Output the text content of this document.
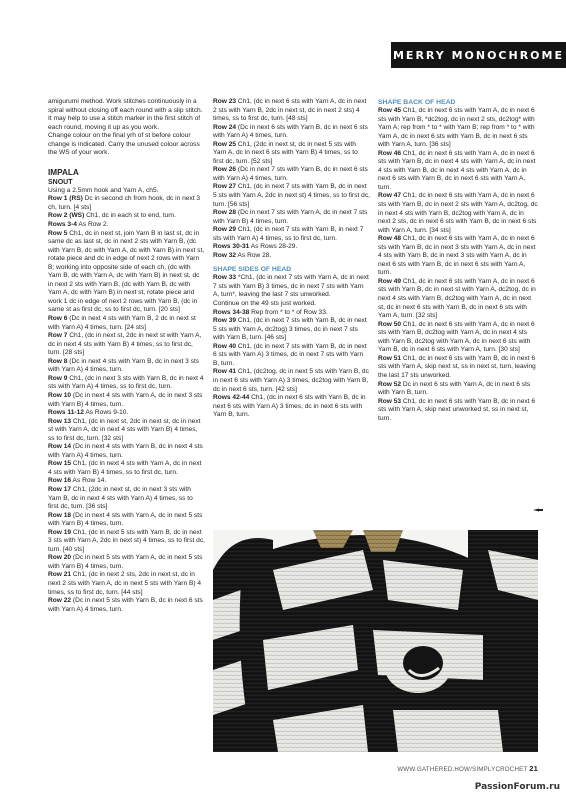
MERRY MONOCHROME

amigurumi method. Work stitches continuously in a spiral without closing off each round with a slip stitch. It may help to use a stitch marker in the first stitch of each round, moving it up as you work.

Change colour on the final yrh of st before colour change is indicated. Carry the unused colour across the WS of your work.

IMPALA
SNOUT

Using a 2.5mm hook and Yarn A, ch5.

Row 1 (RS) Dc in second ch from hook, dc in next 3 ch, turn. [4 sts]

Row 2 (WS) Ch1, dc in each st to end, turn.

Rows 3-4 As Row 2.

Row 5 Ch1, dc in next st, join Yarn B in last st, dc in same dc as last st, dc in next 2 sts with Yarn B, (dc with Yarn B, dc with Yarn A, dc with Yarn B) in next st, rotate piece and dc in edge of next 2 rows with Yarn B; working into opposite side of each ch, (dc with Yarn B, dc with Yarn A, dc with Yarn B) in next st, dc in next 2 sts with Yarn B, (dc with Yarn B, dc with Yarn A, dc with Yarn B) in next st, rotate piece and work 1 dc in edge of next 2 rows with Yarn B, (dc in same st as first dc, ss to first dc, turn. [20 sts]

Row 6 (Dc in next 4 sts with Yarn B, 2 dc in next st with Yarn A) 4 times, turn. [24 sts]

Row 7 Ch1, (dc in next st, 2dc in next st with Yarn A, dc in next 4 sts with Yarn B) 4 times, ss to first dc, turn. [28 sts]

Row 8 (Dc in next 4 sts with Yarn B, dc in next 3 sts with Yarn A) 4 times, turn.

Row 9 Ch1, (dc in next 3 sts with Yarn B, dc in next 4 sts with Yarn A) 4 times, ss to first dc, turn.

Row 10 (Dc in next 4 sts with Yarn A, dc in next 3 sts with Yarn B) 4 times, turn.

Rows 11-12 As Rows 9-10.

Row 13 Ch1, (dc in next st, 2dc in next st, dc in next st with Yarn A, dc in next 4 sts with Yarn B) 4 times, ss to first dc, turn. [32 sts]

Row 14 (Dc in next 4 sts with Yarn B, dc in next 4 sts with Yarn A) 4 times, turn.

Row 15 Ch1, (dc in next 4 sts with Yarn A, dc in next 4 sts with Yarn B) 4 times, ss to first dc, turn.

Row 16 As Row 14.

Row 17 Ch1, (2dc in next st, dc in next 3 sts with Yarn B, dc in next 4 sts with Yarn A) 4 times, ss to first dc, turn. [36 sts]

Row 18 (Dc in next 4 sts with Yarn A, dc in next 5 sts with Yarn B) 4 times, turn.

Row 19 Ch1, (dc in next 5 sts with Yarn B, dc in next 3 sts with Yarn A, 2dc in next st) 4 times, ss to first dc, turn. [40 sts]

Row 20 (Dc in next 5 sts with Yarn A, dc in next 5 sts with Yarn B) 4 times, turn.

Row 21 Ch1, (dc in next 2 sts, 2dc in next st, dc in next 2 sts with Yarn A, dc in next 5 sts with Yarn B) 4 times, ss to first dc, turn. [44 sts]

Row 22 (Dc in next 5 sts with Yarn B, dc in next 6 sts with Yarn A) 4 times, turn.

Row 23 Ch1, (dc in next 6 sts with Yarn A, dc in next 2 sts with Yarn B, 2dc in next st, dc in next 2 sts) 4 times, ss to first dc, turn. [48 sts]

Row 24 (Dc in next 6 sts with Yarn B, dc in next 6 sts with Yarn A) 4 times, turn.

Row 25 Ch1, (2dc in next st, dc in next 5 sts with Yarn A, dc in next 6 sts with Yarn B) 4 times, ss to first dc, turn. [52 sts]

Row 26 (Dc in next 7 sts with Yarn B, dc in next 6 sts with Yarn A) 4 times, turn.

Row 27 Ch1, (dc in next 7 sts with Yarn B, dc in next 5 sts with Yarn A, 2dc in next st) 4 times, ss to first dc, turn. [56 sts]

Row 28 (Dc in next 7 sts with Yarn A, dc in next 7 sts with Yarn B) 4 times, turn.

Row 29 Ch1, (dc in next 7 sts with Yarn B, in next 7 sts with Yarn A) 4 times, ss to first dc, turn.

Rows 30-31 As Rows 28-29.

Row 32 As Row 28.

SHAPE SIDES OF HEAD

Row 33 *Ch1, (dc in next 7 sts with Yarn A, dc in next 7 sts with Yarn B) 3 times, dc in next 7 sts with Yarn A, turn*, leaving the last 7 sts unworked.

Continue on the 49 sts just worked.

Rows 34-38 Rep from * to * of Row 33.

Row 39 Ch1, (dc in next 7 sts with Yarn B, dc in next 5 sts with Yarn A, dc2tog) 3 times, dc in next 7 sts with Yarn B, turn. [46 sts]

Row 40 Ch1, (dc in next 7 sts with Yarn B, dc in next 6 sts with Yarn A) 3 times, dc in next 7 sts with Yarn B, turn.

Row 41 Ch1, (dc2tog, dc in next 5 sts with Yarn B, dc in next 6 sts with Yarn A) 3 times, dc2tog with Yarn B, dc in next 6 sts, turn. [42 sts]

Rows 42-44 Ch1, (dc in next 6 sts with Yarn B, dc in next 6 sts with Yarn A) 3 times, dc in next 6 sts with Yarn B, turn.

SHAPE BACK OF HEAD

Row 45 Ch1, dc in next 6 sts with Yarn A, dc in next 6 sts with Yarn B, *dc2tog, dc in next 2 sts, dc2tog* with Yarn A; rep from * to * with Yarn B; rep from * to * with Yarn A, dc in next 6 sts with Yarn B, dc in next 6 sts with Yarn A, turn. [36 sts]

Row 46 Ch1, dc in next 6 sts with Yarn A, dc in next 6 sts with Yarn B, dc in next 4 sts with Yarn A, dc in next 4 sts with Yarn B, dc in next 4 sts with Yarn A, dc in next 6 sts with Yarn B, dc in next 6 sts with Yarn A, turn.

Row 47 Ch1, dc in next 6 sts with Yarn A, dc in next 6 sts with Yarn B, dc in next 2 sts with Yarn A, dc2tog, dc in next 4 sts with Yarn B, dc2tog with Yarn A, dc in next 2 sts, dc in next 6 sts with Yarn B, dc in next 6 sts with Yarn A, turn. [34 sts]

Row 48 Ch1, dc in next 6 sts with Yarn A, dc in next 6 sts with Yarn B, dc in next 3 sts with Yarn A, dc in next 4 sts with Yarn B, dc in next 3 sts with Yarn A, dc in next 6 sts with Yarn B, dc in next 6 sts with Yarn A, turn.

Row 49 Ch1, dc in next 6 sts with Yarn A, dc in next 6 sts with Yarn B, dc in next st with Yarn A, dc2tog, dc in next 4 sts with Yarn B, dc2tog with Yarn A, dc in next st, dc in next 6 sts with Yarn B, dc in next 6 sts with Yarn A, turn. [32 sts]

Row 50 Ch1, dc in next 6 sts with Yarn A, dc in next 6 sts with Yarn B, dc2tog with Yarn A, dc in next 4 sts with Yarn B, dc2tog with Yarn A, dc in next 6 sts with Yarn B, dc in next 6 sts with Yarn A, turn. [30 sts]

Row 51 Ch1, dc in next 6 sts with Yarn B, dc in next 6 sts with Yarn A, skip next st, ss in next st, turn, leaving the last 17 sts unworked.

Row 52 Dc in next 6 sts with Yarn A, dc in next 6 sts with Yarn B, turn.

Row 53 Ch1, dc in next 6 sts with Yarn B, dc in next 6 sts with Yarn A, skip next unworked st, ss in next st, turn.

WWW.GATHERED.HOW/SIMPLYCROCHET 21
PassionForum.ru
